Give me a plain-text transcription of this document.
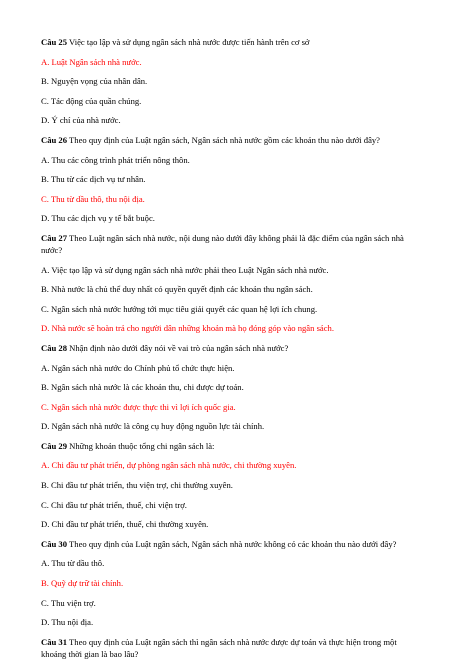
Câu 25 Việc tạo lập và sử dụng ngân sách nhà nước được tiến hành trên cơ sở
A. Luật Ngân sách nhà nước.
B. Nguyện vọng của nhân dân.
C. Tác động của quần chúng.
D. Ý chí của nhà nước.
Câu 26 Theo quy định của Luật ngân sách, Ngân sách nhà nước gồm các khoản thu nào dưới đây?
A. Thu các công trình phát triển nông thôn.
B. Thu từ các dịch vụ tư nhân.
C. Thu từ dầu thô, thu nội địa.
D. Thu các dịch vụ y tế bắt buộc.
Câu 27 Theo Luật ngân sách nhà nước, nội dung nào dưới đây không phải là đặc điểm của ngân sách nhà nước?
A. Việc tạo lập và sử dụng ngân sách nhà nước phải theo Luật Ngân sách nhà nước.
B. Nhà nước là chủ thể duy nhất có quyền quyết định các khoản thu ngân sách.
C. Ngân sách nhà nước hướng tới mục tiêu giải quyết các quan hệ lợi ích chung.
D. Nhà nước sẽ hoàn trả cho người dân những khoản mà họ đóng góp vào ngân sách.
Câu 28 Nhận định nào dưới đây nói về vai trò của ngân sách nhà nước?
A. Ngân sách nhà nước do Chính phủ tổ chức thực hiện.
B. Ngân sách nhà nước là các khoản thu, chi được dự toán.
C. Ngân sách nhà nước được thực thi vì lợi ích quốc gia.
D. Ngân sách nhà nước là công cụ huy động nguồn lực tài chính.
Câu 29 Những khoản thuộc tổng chi ngân sách là:
A. Chi đầu tư phát triển, dự phòng ngân sách nhà nước, chi thường xuyên.
B. Chi đầu tư phát triển, thu viện trợ, chi thường xuyên.
C. Chi đầu tư phát triển, thuế, chi viện trợ.
D. Chi đầu tư phát triển, thuế, chi thường xuyên.
Câu 30 Theo quy định của Luật ngân sách, Ngân sách nhà nước không có các khoản thu nào dưới đây?
A. Thu từ dầu thô.
B. Quỹ dự trữ tài chính.
C. Thu viện trợ.
D. Thu nội địa.
Câu 31 Theo quy định của Luật ngân sách thì ngân sách nhà nước được dự toán và thực hiện trong một khoảng thời gian là bao lâu?
